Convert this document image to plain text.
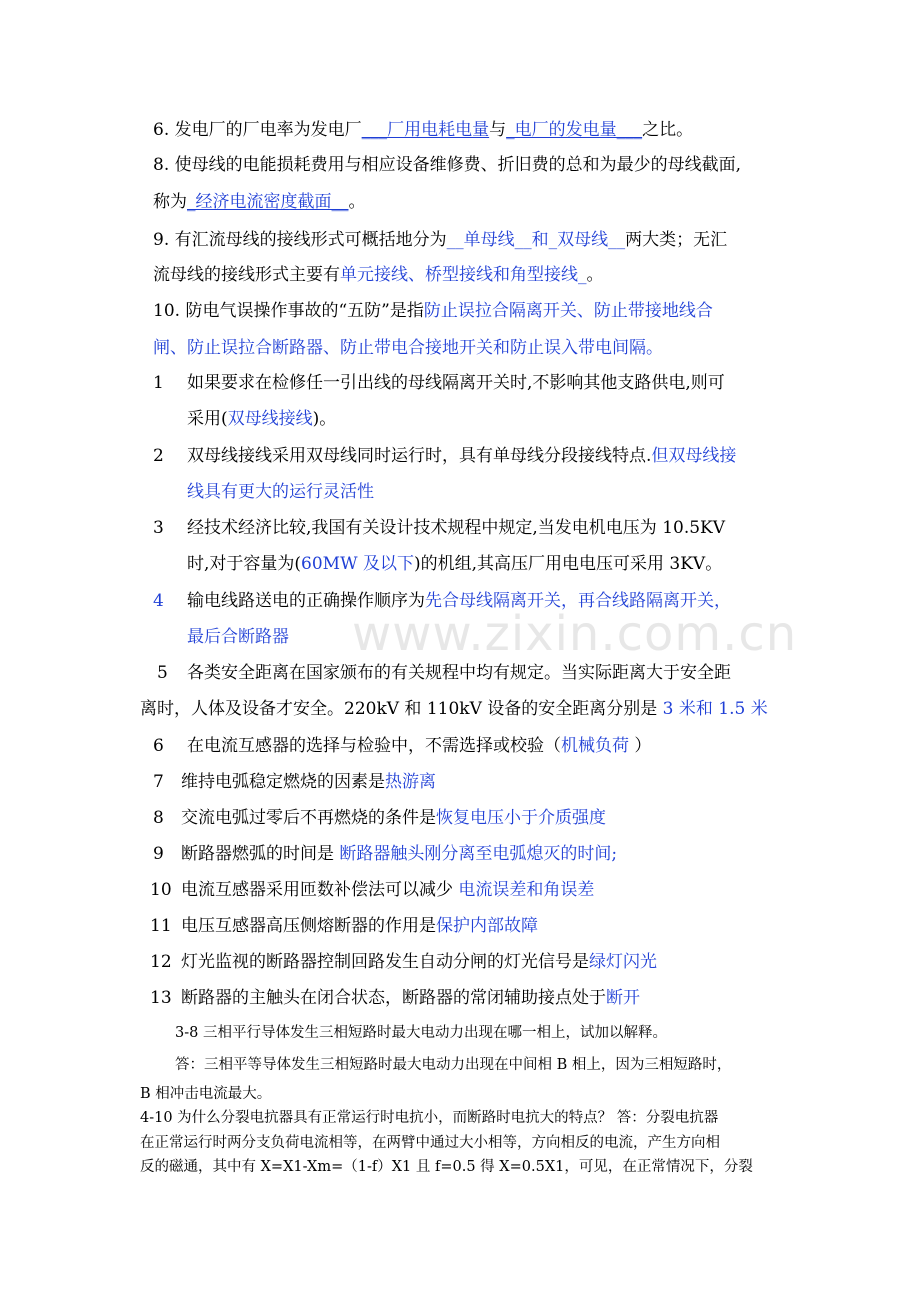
www.zixin.com.cn
6. 发电厂的厂电率为发电厂___厂用电耗电量与_电厂的发电量___之比。
8. 使母线的电能损耗费用与相应设备维修费、折旧费的总和为最少的母线截面,
称为_经济电流密度截面__。
9. 有汇流母线的接线形式可概括地分为__单母线__和_双母线__两大类；无汇
流母线的接线形式主要有单元接线、桥型接线和角型接线_。
10. 防电气误操作事故的“五防”是指防止误拉合隔离开关、防止带接地线合
闸、防止误拉合断路器、防止带电合接地开关和防止误入带电间隔。
1 如果要求在检修任一引出线的母线隔离开关时,不影响其他支路供电,则可
采用(双母线接线)。
2 双母线接线采用双母线同时运行时，具有单母线分段接线特点.但双母线接
线具有更大的运行灵活性
3 经技术经济比较,我国有关设计技术规程中规定,当发电机电压为 10.5KV
时,对于容量为(60MW 及以下)的机组,其高压厂用电电压可采用 3KV。
4 输电线路送电的正确操作顺序为先合母线隔离开关，再合线路隔离开关，
最后合断路器
5 各类安全距离在国家颁布的有关规程中均有规定。当实际距离大于安全距
离时，人体及设备才安全。220kV 和 110kV 设备的安全距离分别是 3 米和 1.5 米
6 在电流互感器的选择与检验中，不需选择或校验（机械负荷 ）
7 维持电弧稳定燃烧的因素是热游离
8 交流电弧过零后不再燃烧的条件是恢复电压小于介质强度
9 断路器燃弧的时间是 断路器触头刚分离至电弧熄灭的时间;
10 电流互感器采用匝数补偿法可以减少 电流误差和角误差
11 电压互感器高压侧熔断器的作用是保护内部故障
12 灯光监视的断路器控制回路发生自动分闸的灯光信号是绿灯闪光
13 断路器的主触头在闭合状态，断路器的常闭辅助接点处于断开
3-8 三相平行导体发生三相短路时最大电动力出现在哪一相上，试加以解释。
答：三相平等导体发生三相短路时最大电动力出现在中间相 B 相上，因为三相短路时，
B 相冲击电流最大。
4-10 为什么分裂电抗器具有正常运行时电抗小，而断路时电抗大的特点？ 答：分裂电抗器
在正常运行时两分支负荷电流相等，在两臂中通过大小相等，方向相反的电流，产生方向相
反的磁通，其中有 X=X1-Xm=（1-f）X1 且 f=0.5 得 X=0.5X1，可见，在正常情况下，分裂
